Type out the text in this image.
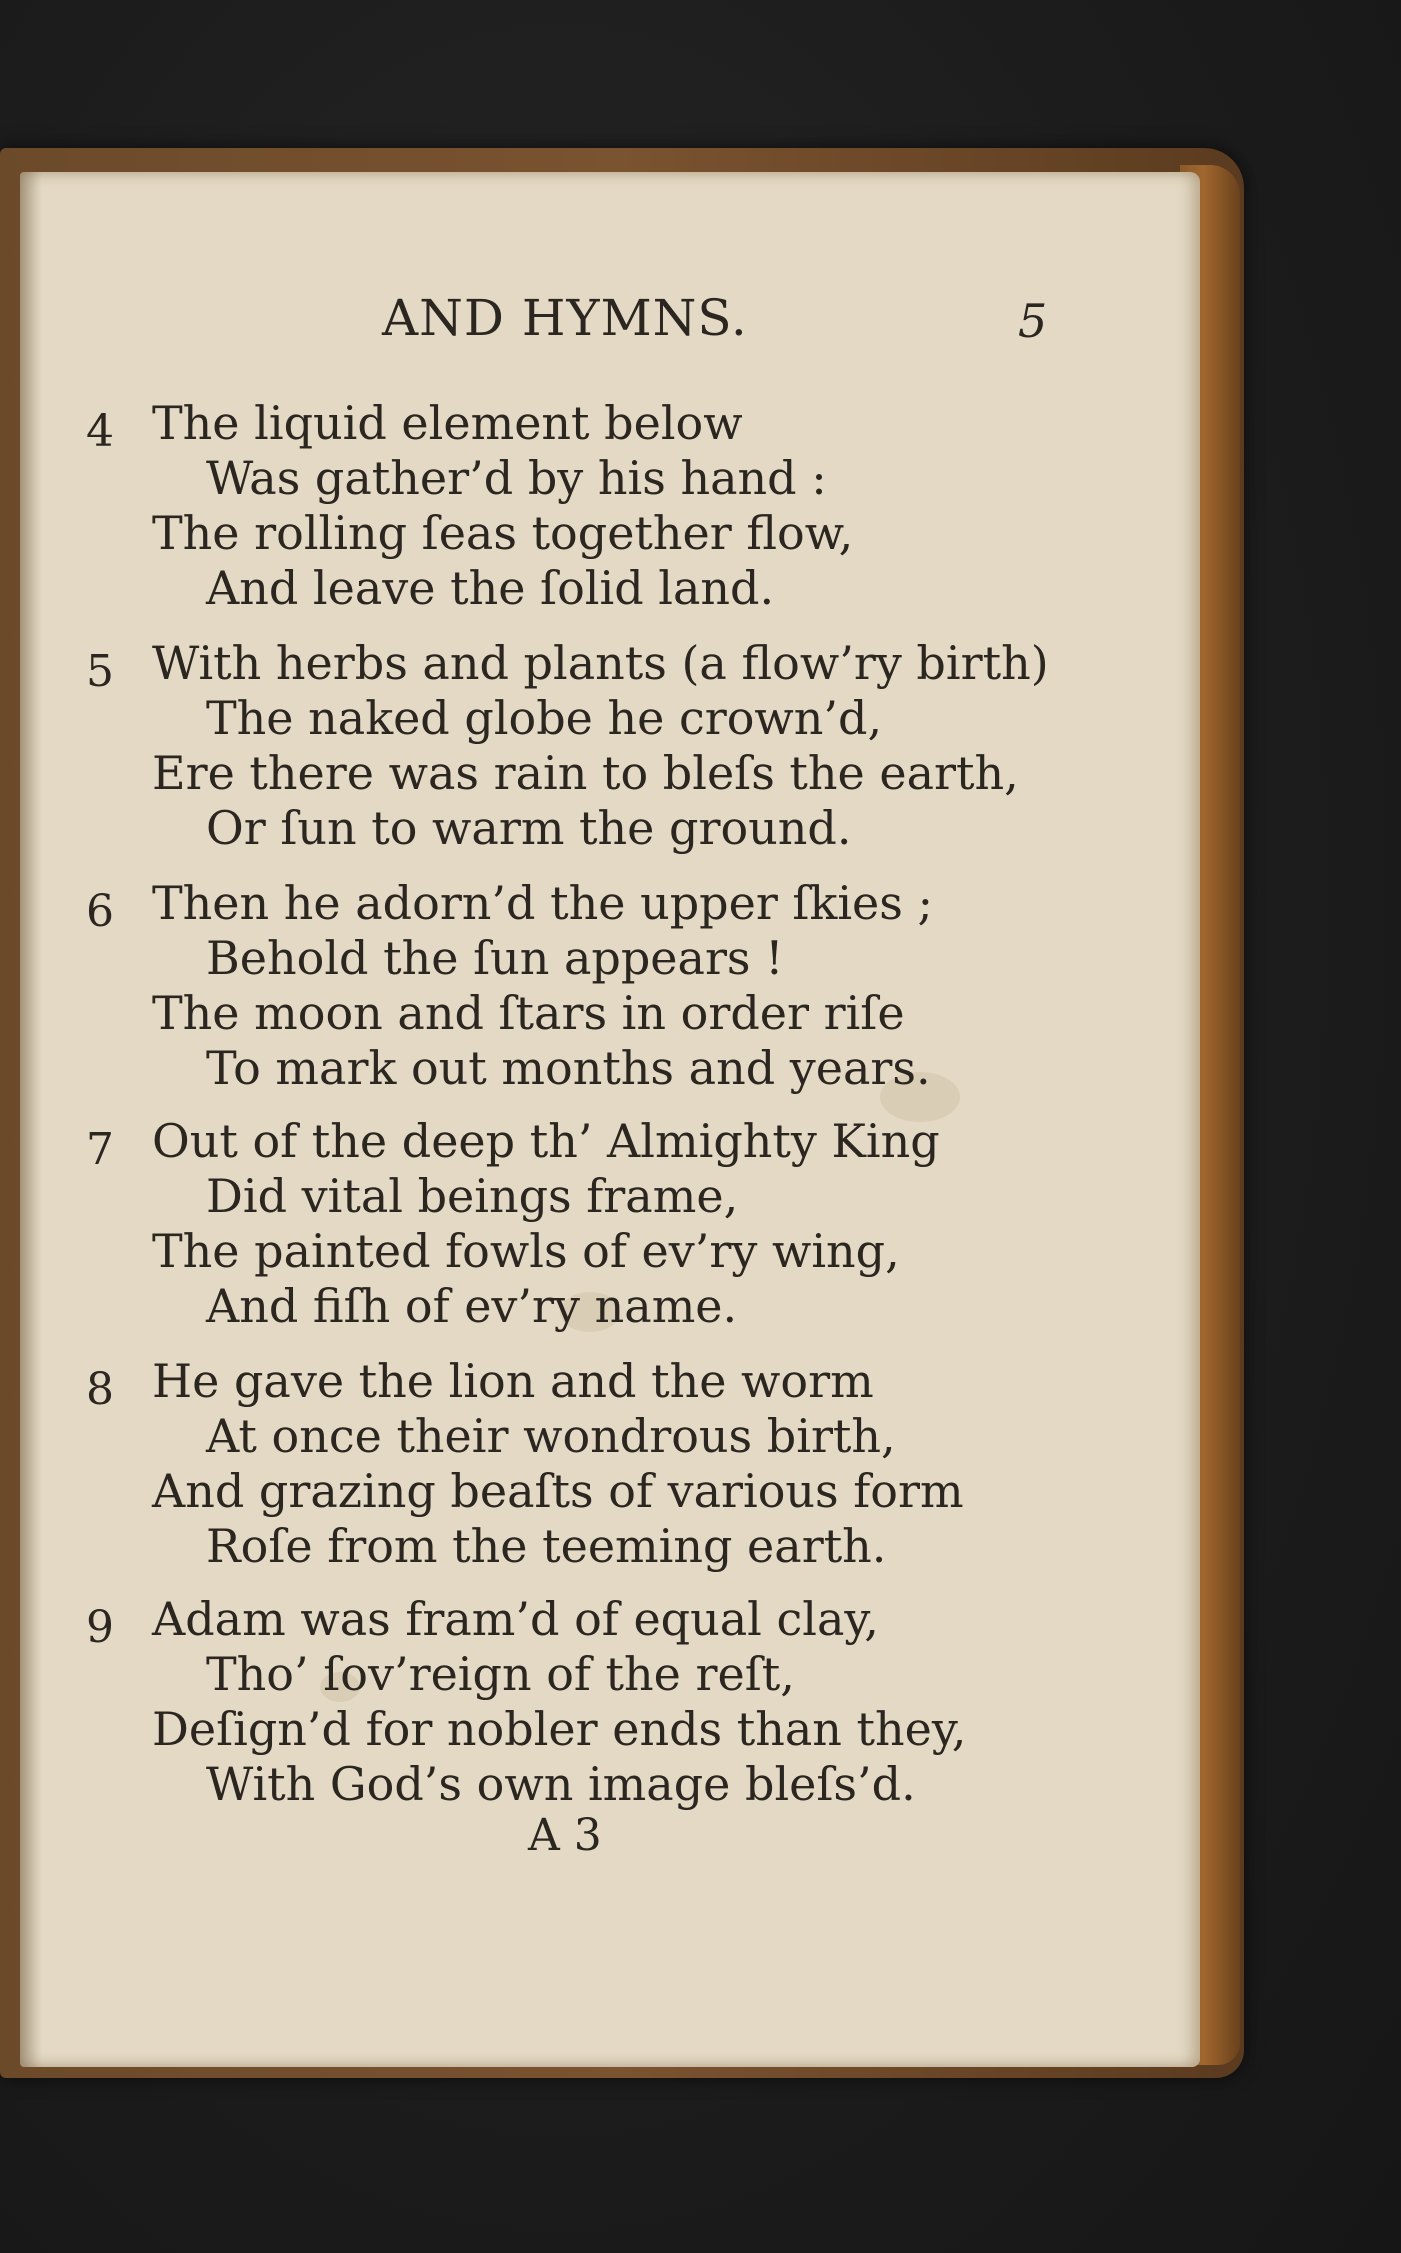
AND HYMNS.	5
4 The liquid element below
Was gather’d by his hand :
The rolling ſeas together flow,
And leave the ſolid land.
5 With herbs and plants (a flow’ry birth)
The naked globe he crown’d,
Ere there was rain to bleſs the earth,
Or ſun to warm the ground.
6 Then he adorn’d the upper ſkies ;
Behold the ſun appears !
The moon and ſtars in order riſe
To mark out months and years.
7 Out of the deep th’ Almighty King
Did vital beings frame,
The painted fowls of ev’ry wing,
And fiſh of ev’ry name.
8 He gave the lion and the worm
At once their wondrous birth,
And grazing beaſts of various form
Roſe from the teeming earth.
9 Adam was fram’d of equal clay,
Tho’ ſov’reign of the reſt,
Deſign’d for nobler ends than they,
With God’s own image bleſs’d.
A 3
